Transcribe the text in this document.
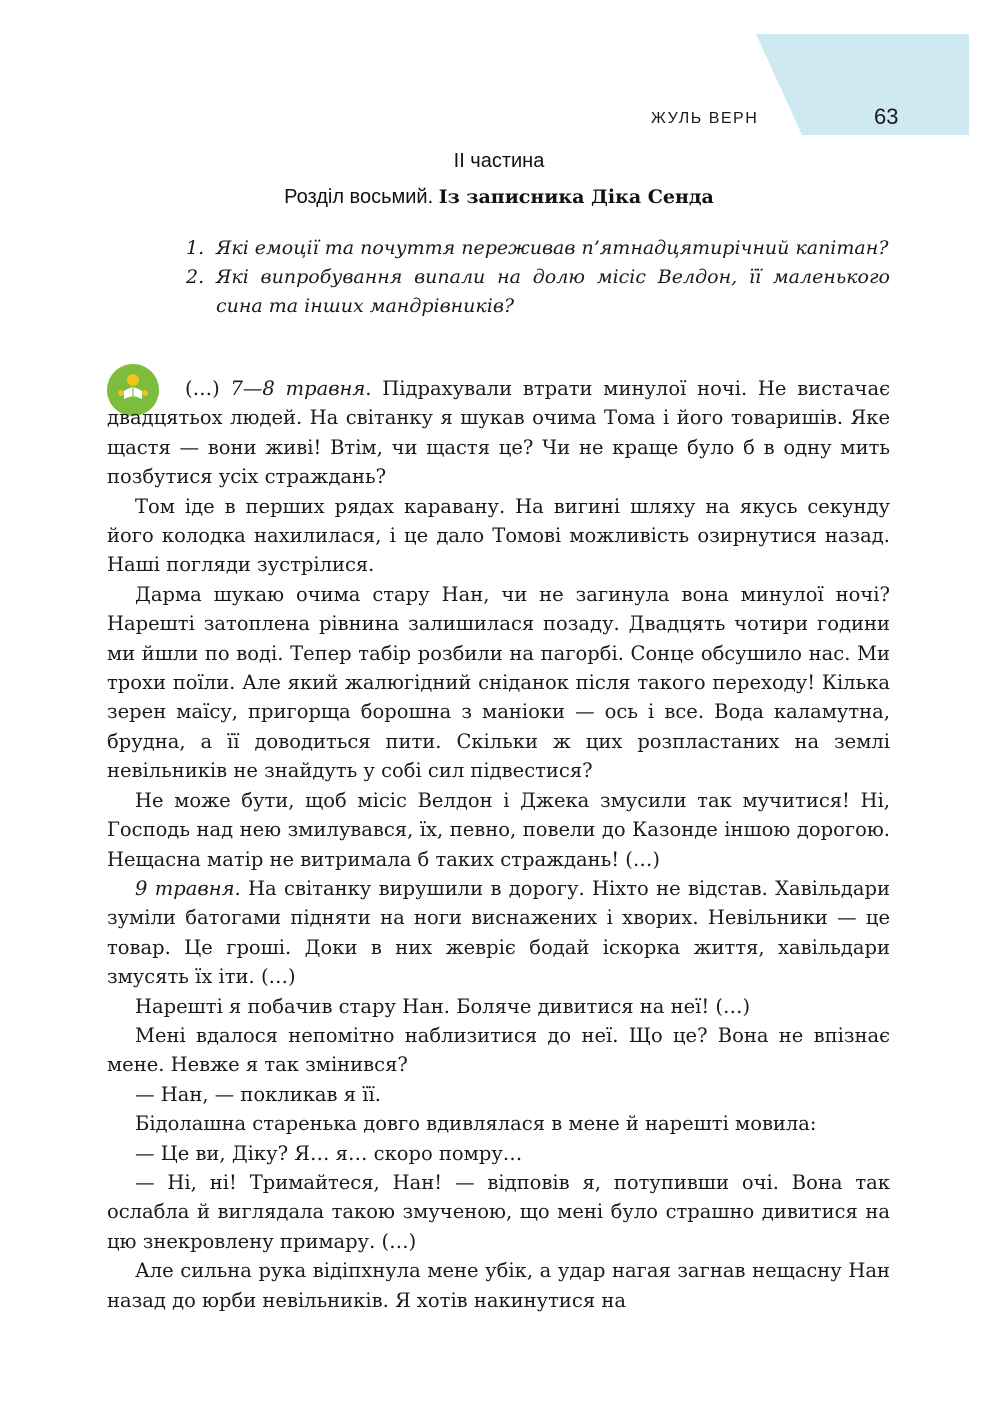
ЖУЛЬ ВЕРН	63
ІІ частина
Розділ восьмий. Із записника Діка Сенда
1. Які емоції та почуття переживав п’ятнадцятирічний капітан?
2. Які випробування випали на долю місіс Велдон, її маленького сина та інших мандрівників?

(…) 7—8 травня. Підрахували втрати минулої ночі. Не вистачає двадцятьох людей. На світанку я шукав очима Тома і його товаришів. Яке щастя — вони живі! Втім, чи щастя це? Чи не краще було б в одну мить позбутися усіх страждань?

Том іде в перших рядах каравану. На вигині шляху на якусь секунду його колодка нахилилася, і це дало Томові можливість озирнутися назад. Наші погляди зустрілися.

Дарма шукаю очима стару Нан, чи не загинула вона минулої ночі? Нарешті затоплена рівнина залишилася позаду. Двадцять чотири години ми йшли по воді. Тепер табір розбили на пагорбі. Сонце обсушило нас. Ми трохи поїли. Але який жалюгідний сніданок після такого переходу! Кілька зерен маїсу, пригорща борошна з маніоки — ось і все. Вода каламутна, брудна, а її доводиться пити. Скільки ж цих розпластаних на землі невільників не знайдуть у собі сил підвестися?

Не може бути, щоб місіс Велдон і Джека змусили так мучитися! Ні, Господь над нею змилувався, їх, певно, повели до Казонде іншою дорогою. Нещасна матір не витримала б таких страждань! (…)

9 травня. На світанку вирушили в дорогу. Ніхто не відстав. Хавільдари зуміли батогами підняти на ноги виснажених і хворих. Невільники — це товар. Це гроші. Доки в них жевріє бодай іскорка життя, хавільдари змусять їх іти. (…)

Нарешті я побачив стару Нан. Боляче дивитися на неї! (…)

Мені вдалося непомітно наблизитися до неї. Що це? Вона не впізнає мене. Невже я так змінився?

— Нан, — покликав я її.

Бідолашна старенька довго вдивлялася в мене й нарешті мовила:

— Це ви, Діку? Я… я… скоро помру…

— Ні, ні! Тримайтеся, Нан! — відповів я, потупивши очі. Вона так ослабла й виглядала такою змученою, що мені було страшно дивитися на цю знекровлену примару. (…)

Але сильна рука відіпхнула мене убік, а удар нагая загнав нещасну Нан назад до юрби невільників. Я хотів накинутися на
